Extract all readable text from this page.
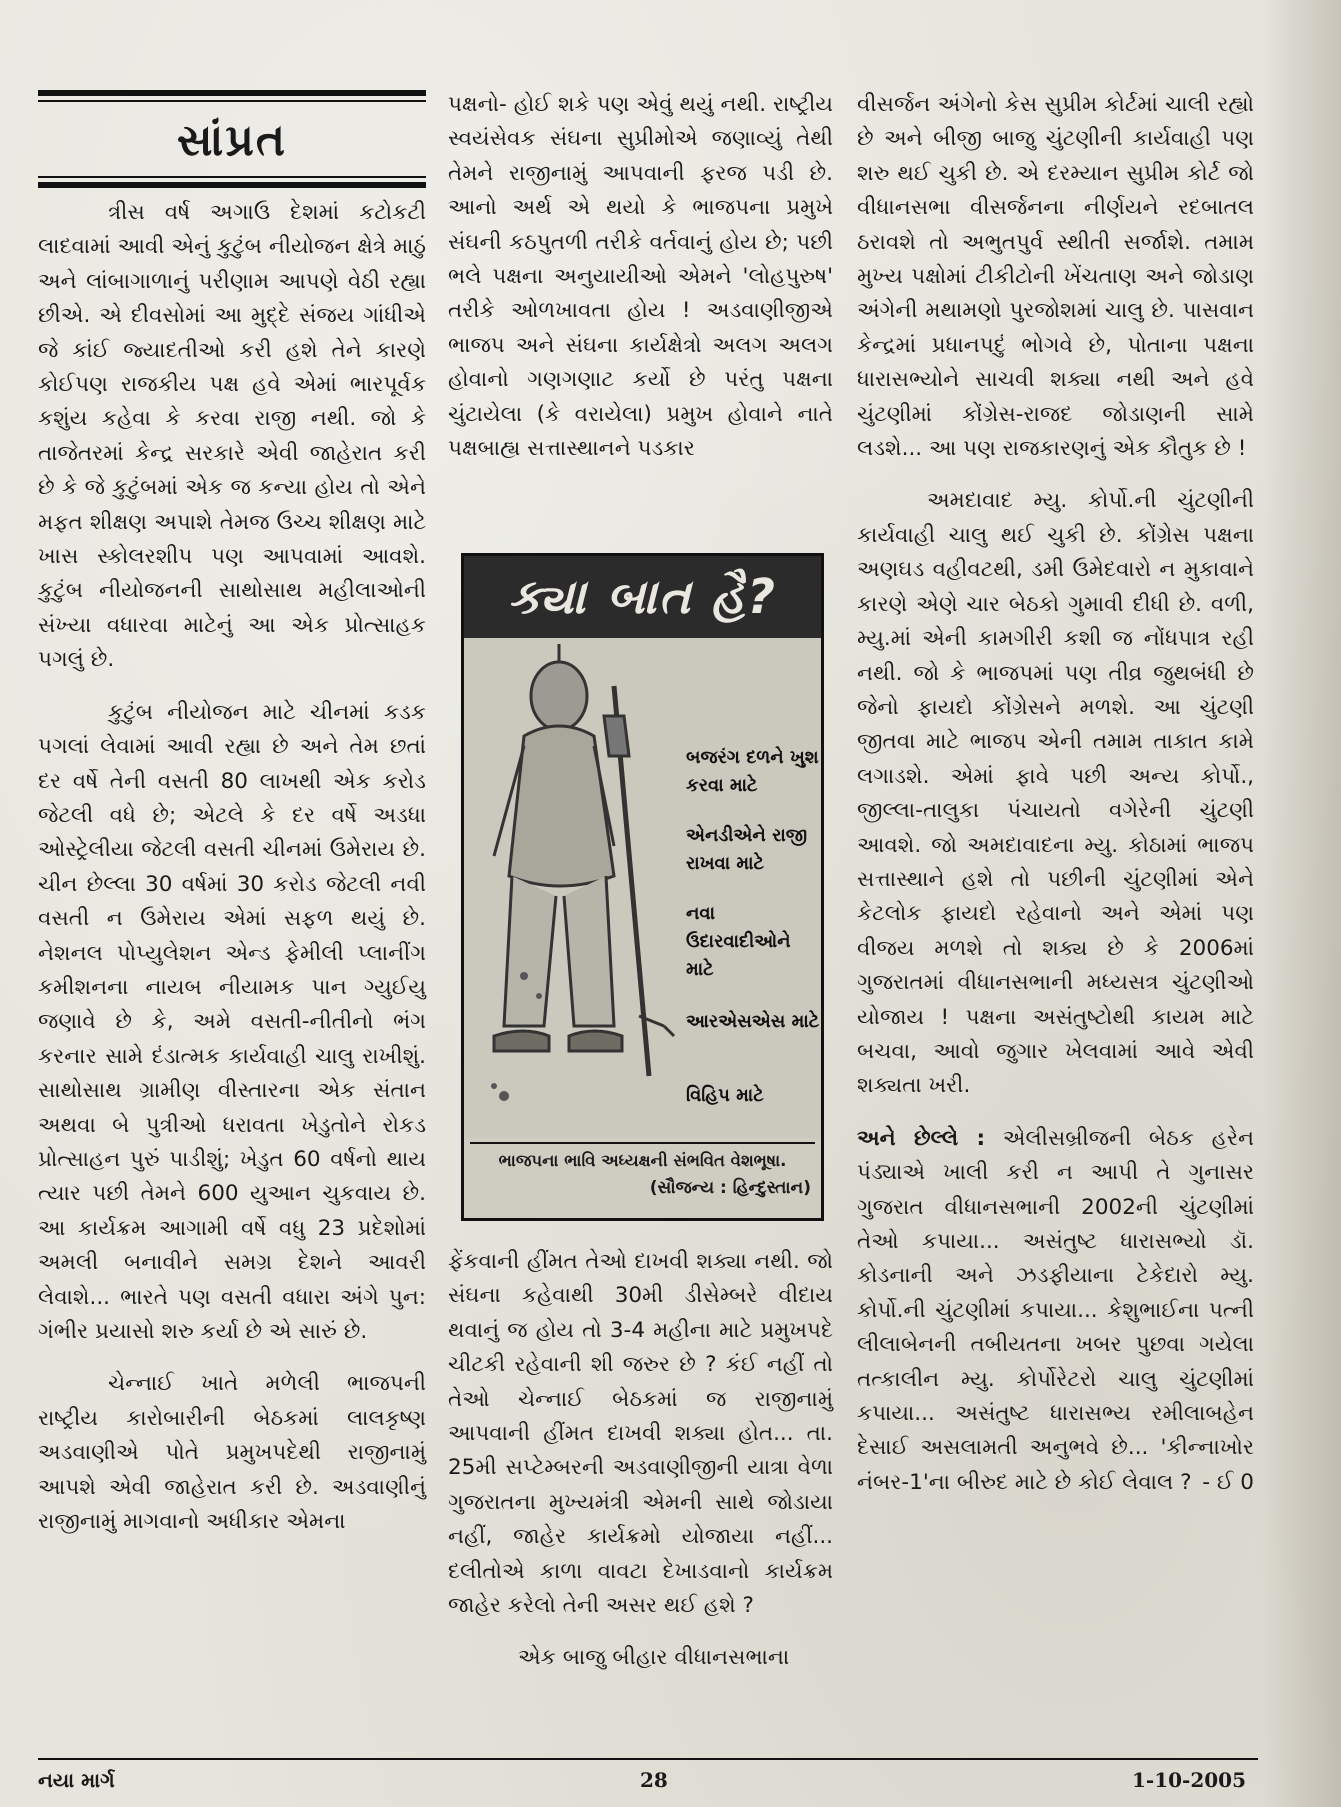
સાંપ્રત

ત્રીસ વર્ષ અગાઉ દેશમાં કટોકટી લાદવામાં આવી એનું કુટુંબ નીયોજન ક્ષેત્રે માઠું અને લાંબાગાળાનું પરીણામ આપણે વેઠી રહ્યા છીએ. એ દીવસોમાં આ મુદ્દે સંજય ગાંધીએ જે કાંઈ જ્યાદતીઓ કરી હશે તેને કારણે કોઈપણ રાજકીય પક્ષ હવે એમાં ભારપૂર્વક કશુંય કહેવા કે કરવા રાજી નથી. જો કે તાજેતરમાં કેન્દ્ર સરકારે એવી જાહેરાત કરી છે કે જે કુટુંબમાં એક જ કન્યા હોય તો એને મફત શીક્ષણ અપાશે તેમજ ઉચ્ચ શીક્ષણ માટે ખાસ સ્કોલરશીપ પણ આપવામાં આવશે. કુટુંબ નીયોજનની સાથોસાથ મહીલાઓની સંખ્યા વધારવા માટેનું આ એક પ્રોત્સાહક પગલું છે.

કુટુંબ નીયોજન માટે ચીનમાં કડક પગલાં લેવામાં આવી રહ્યા છે અને તેમ છતાં દર વર્ષે તેની વસતી 80 લાખથી એક કરોડ જેટલી વધે છે; એટલે કે દર વર્ષે અડધા ઓસ્ટ્રેલીયા જેટલી વસતી ચીનમાં ઉમેરાય છે. ચીન છેલ્લા 30 વર્ષમાં 30 કરોડ જેટલી નવી વસતી ન ઉમેરાય એમાં સફળ થયું છે. નેશનલ પોપ્યુલેશન એન્ડ ફેમીલી પ્લાનીંગ કમીશનના નાયબ નીયામક પાન ગ્યુઈયુ જણાવે છે કે, અમે વસતી-નીતીનો ભંગ કરનાર સામે દંડાત્મક કાર્યવાહી ચાલુ રાખીશું. સાથોસાથ ગ્રામીણ વીસ્તારના એક સંતાન અથવા બે પુત્રીઓ ધરાવતા ખેડુતોને રોકડ પ્રોત્સાહન પુરું પાડીશું; ખેડુત 60 વર્ષનો થાય ત્યાર પછી તેમને 600 યુઆન ચુકવાય છે. આ કાર્યક્રમ આગામી વર્ષે વધુ 23 પ્રદેશોમાં અમલી બનાવીને સમગ્ર દેશને આવરી લેવાશે... ભારતે પણ વસતી વધારા અંગે પુન: ગંભીર પ્રયાસો શરુ કર્યા છે એ સારું છે.

ચેન્નાઈ ખાતે મળેલી ભાજપની રાષ્ટ્રીય કારોબારીની બેઠકમાં લાલકૃષ્ણ અડવાણીએ પોતે પ્રમુખપદેથી રાજીનામું આપશે એવી જાહેરાત કરી છે. અડવાણીનું રાજીનામું માગવાનો અધીકાર એમના

પક્ષનો- હોઈ શકે પણ એવું થયું નથી. રાષ્ટ્રીય સ્વયંસેવક સંઘના સુપ્રીમોએ જણાવ્યું તેથી તેમને રાજીનામું આપવાની ફરજ પડી છે. આનો અર્થ એ થયો કે ભાજપના પ્રમુખે સંઘની કઠપુતળી તરીકે વર્તવાનું હોય છે; પછી ભલે પક્ષના અનુયાયીઓ એમને 'લોહપુરુષ' તરીકે ઓળખાવતા હોય ! અડવાણીજીએ ભાજપ અને સંઘના કાર્યક્ષેત્રો અલગ અલગ હોવાનો ગણગણાટ કર્યો છે પરંતુ પક્ષના ચુંટાયેલા (કે વરાયેલા) પ્રમુખ હોવાને નાતે પક્ષબાહ્ય સત્તાસ્થાનને પડકાર

ક્યા બાત હૈ?
બજરંગ દળને ખુશ કરવા માટે
એનડીએને રાજી રાખવા માટે
નવા ઉદારવાદીઓને માટે
આરએસએસ માટે
વિહિપ માટે
ભાજપના ભાવિ અધ્યક્ષની સંભવિત વેશભૂષા.
(સૌજન્ય : હિન્દુસ્તાન)

ફેંકવાની હીંમત તેઓ દાખવી શક્યા નથી. જો સંઘના કહેવાથી 30મી ડીસેમ્બરે વીદાય થવાનું જ હોય તો 3-4 મહીના માટે પ્રમુખપદે ચીટકી રહેવાની શી જરુર છે ? કંઈ નહીં તો તેઓ ચેન્નાઈ બેઠકમાં જ રાજીનામું આપવાની હીંમત દાખવી શક્યા હોત... તા. 25મી સપ્ટેમ્બરની અડવાણીજીની યાત્રા વેળા ગુજરાતના મુખ્યમંત્રી એમની સાથે જોડાયા નહીં, જાહેર કાર્યક્રમો યોજાયા નહીં... દલીતોએ કાળા વાવટા દેખાડવાનો કાર્યક્રમ જાહેર કરેલો તેની અસર થઈ હશે ?

એક બાજુ બીહાર વીધાનસભાના

વીસર્જન અંગેનો કેસ સુપ્રીમ કોર્ટમાં ચાલી રહ્યો છે અને બીજી બાજુ ચુંટણીની કાર્યવાહી પણ શરુ થઈ ચુકી છે. એ દરમ્યાન સુપ્રીમ કોર્ટ જો વીધાનસભા વીસર્જનના નીર્ણયને રદબાતલ ઠરાવશે તો અભુતપુર્વ સ્થીતી સર્જાશે. તમામ મુખ્ય પક્ષોમાં ટીકીટોની ખેંચતાણ અને જોડાણ અંગેની મથામણો પુરજોશમાં ચાલુ છે. પાસવાન કેન્દ્રમાં પ્રધાનપદું ભોગવે છે, પોતાના પક્ષના ધારાસભ્યોને સાચવી શક્યા નથી અને હવે ચુંટણીમાં કોંગ્રેસ-રાજદ જોડાણની સામે લડશે... આ પણ રાજકારણનું એક કૌતુક છે !

અમદાવાદ મ્યુ. કોર્પો.ની ચુંટણીની કાર્યવાહી ચાલુ થઈ ચુકી છે. કોંગ્રેસ પક્ષના અણઘડ વહીવટથી, ડમી ઉમેદવારો ન મુકાવાને કારણે એણે ચાર બેઠકો ગુમાવી દીધી છે. વળી, મ્યુ.માં એની કામગીરી કશી જ નોંધપાત્ર રહી નથી. જો કે ભાજપમાં પણ તીવ્ર જુથબંધી છે જેનો ફાયદો કોંગ્રેસને મળશે. આ ચુંટણી જીતવા માટે ભાજપ એની તમામ તાકાત કામે લગાડશે. એમાં ફાવે પછી અન્ય કોર્પો., જીલ્લા-તાલુકા પંચાયતો વગેરેની ચુંટણી આવશે. જો અમદાવાદના મ્યુ. કોઠામાં ભાજપ સત્તાસ્થાને હશે તો પછીની ચુંટણીમાં એને કેટલોક ફાયદો રહેવાનો અને એમાં પણ વીજય મળશે તો શક્ય છે કે 2006માં ગુજરાતમાં વીધાનસભાની મધ્યસત્ર ચુંટણીઓ યોજાય ! પક્ષના અસંતુષ્ટોથી કાયમ માટે બચવા, આવો જુગાર ખેલવામાં આવે એવી શક્યતા ખરી.

અને છેલ્લે : એલીસબ્રીજની બેઠક હરેન પંડ્યાએ ખાલી કરી ન આપી તે ગુનાસર ગુજરાત વીધાનસભાની 2002ની ચુંટણીમાં તેઓ કપાયા... અસંતુષ્ટ ધારાસભ્યો ડૉ. કોડનાની અને ઝડફીયાના ટેકેદારો મ્યુ. કોર્પો.ની ચુંટણીમાં કપાયા... કેશુભાઈના પત્ની લીલાબેનની તબીયતના ખબર પુછવા ગયેલા તત્કાલીન મ્યુ. કોર્પોરેટરો ચાલુ ચુંટણીમાં કપાયા... અસંતુષ્ટ ધારાસભ્ય રમીલાબહેન દેસાઈ અસલામતી અનુભવે છે... 'કીન્નાખોર નંબર-1'ના બીરુદ માટે છે કોઈ લેવાલ ? - ઈ 0

નયા માર્ગ	28	1-10-2005
